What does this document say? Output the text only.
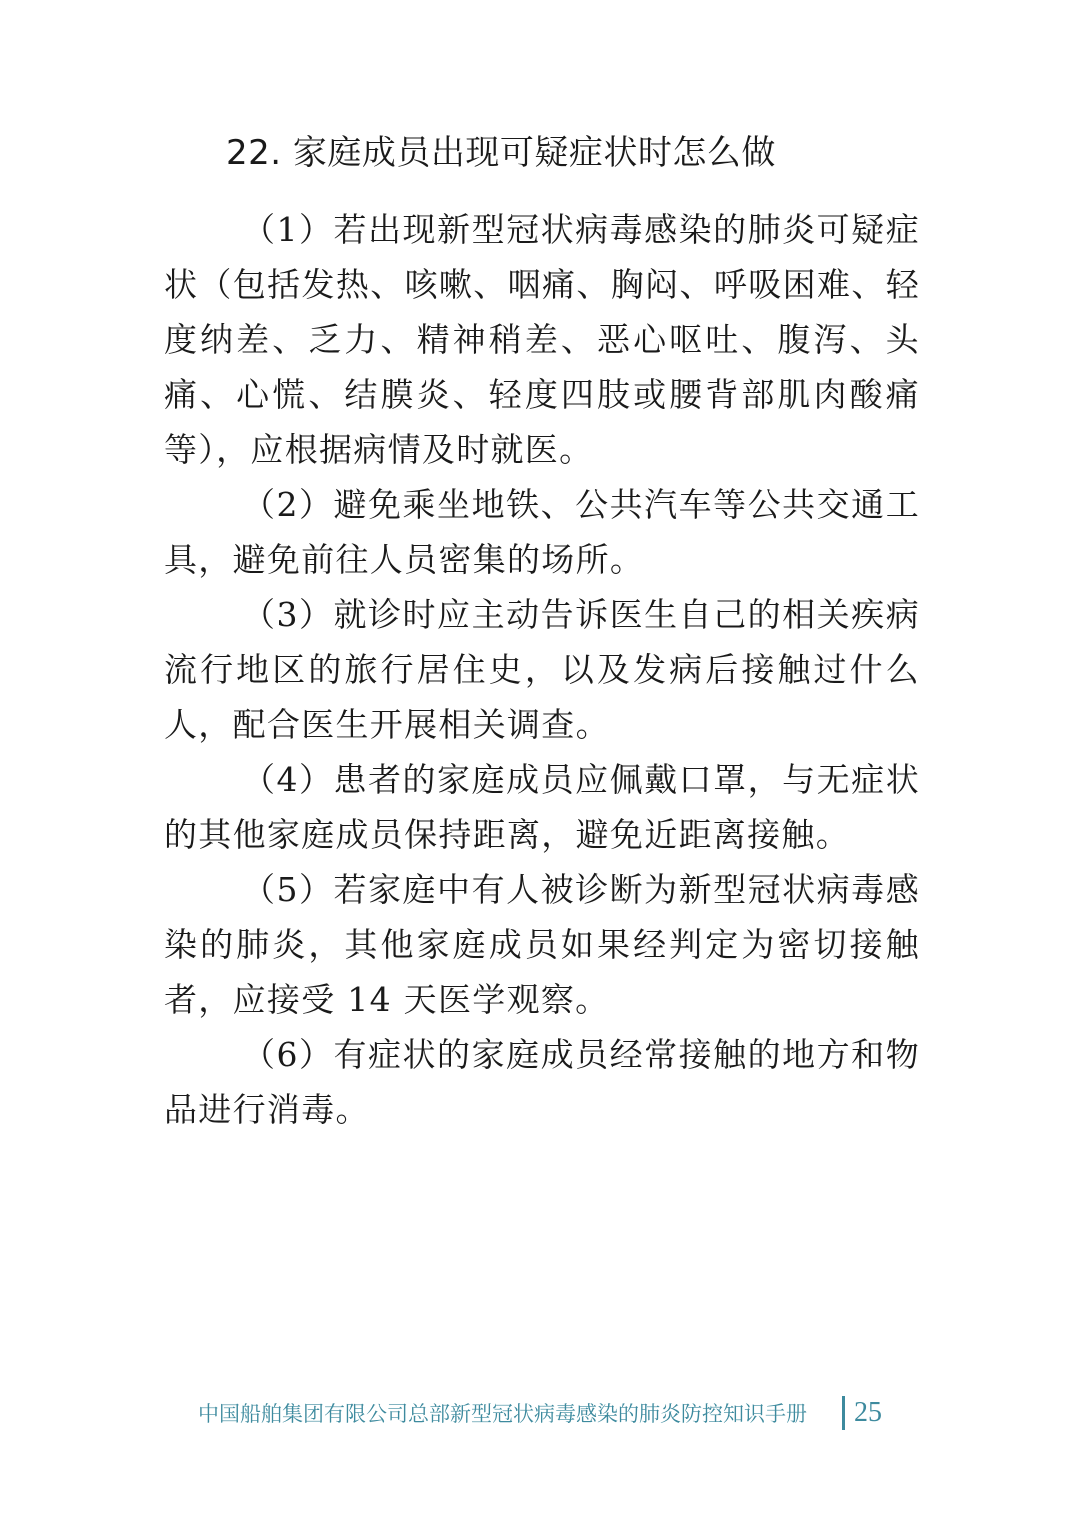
22. 家庭成员出现可疑症状时怎么做

（1）若出现新型冠状病毒感染的肺炎可疑症状（包括发热、咳嗽、咽痛、胸闷、呼吸困难、轻度纳差、乏力、精神稍差、恶心呕吐、腹泻、头痛、心慌、结膜炎、轻度四肢或腰背部肌肉酸痛等），应根据病情及时就医。

（2）避免乘坐地铁、公共汽车等公共交通工具，避免前往人员密集的场所。

（3）就诊时应主动告诉医生自己的相关疾病流行地区的旅行居住史，以及发病后接触过什么人，配合医生开展相关调查。

（4）患者的家庭成员应佩戴口罩，与无症状的其他家庭成员保持距离，避免近距离接触。

（5）若家庭中有人被诊断为新型冠状病毒感染的肺炎，其他家庭成员如果经判定为密切接触者，应接受 14 天医学观察。

（6）有症状的家庭成员经常接触的地方和物品进行消毒。

中国船舶集团有限公司总部新型冠状病毒感染的肺炎防控知识手册 25
